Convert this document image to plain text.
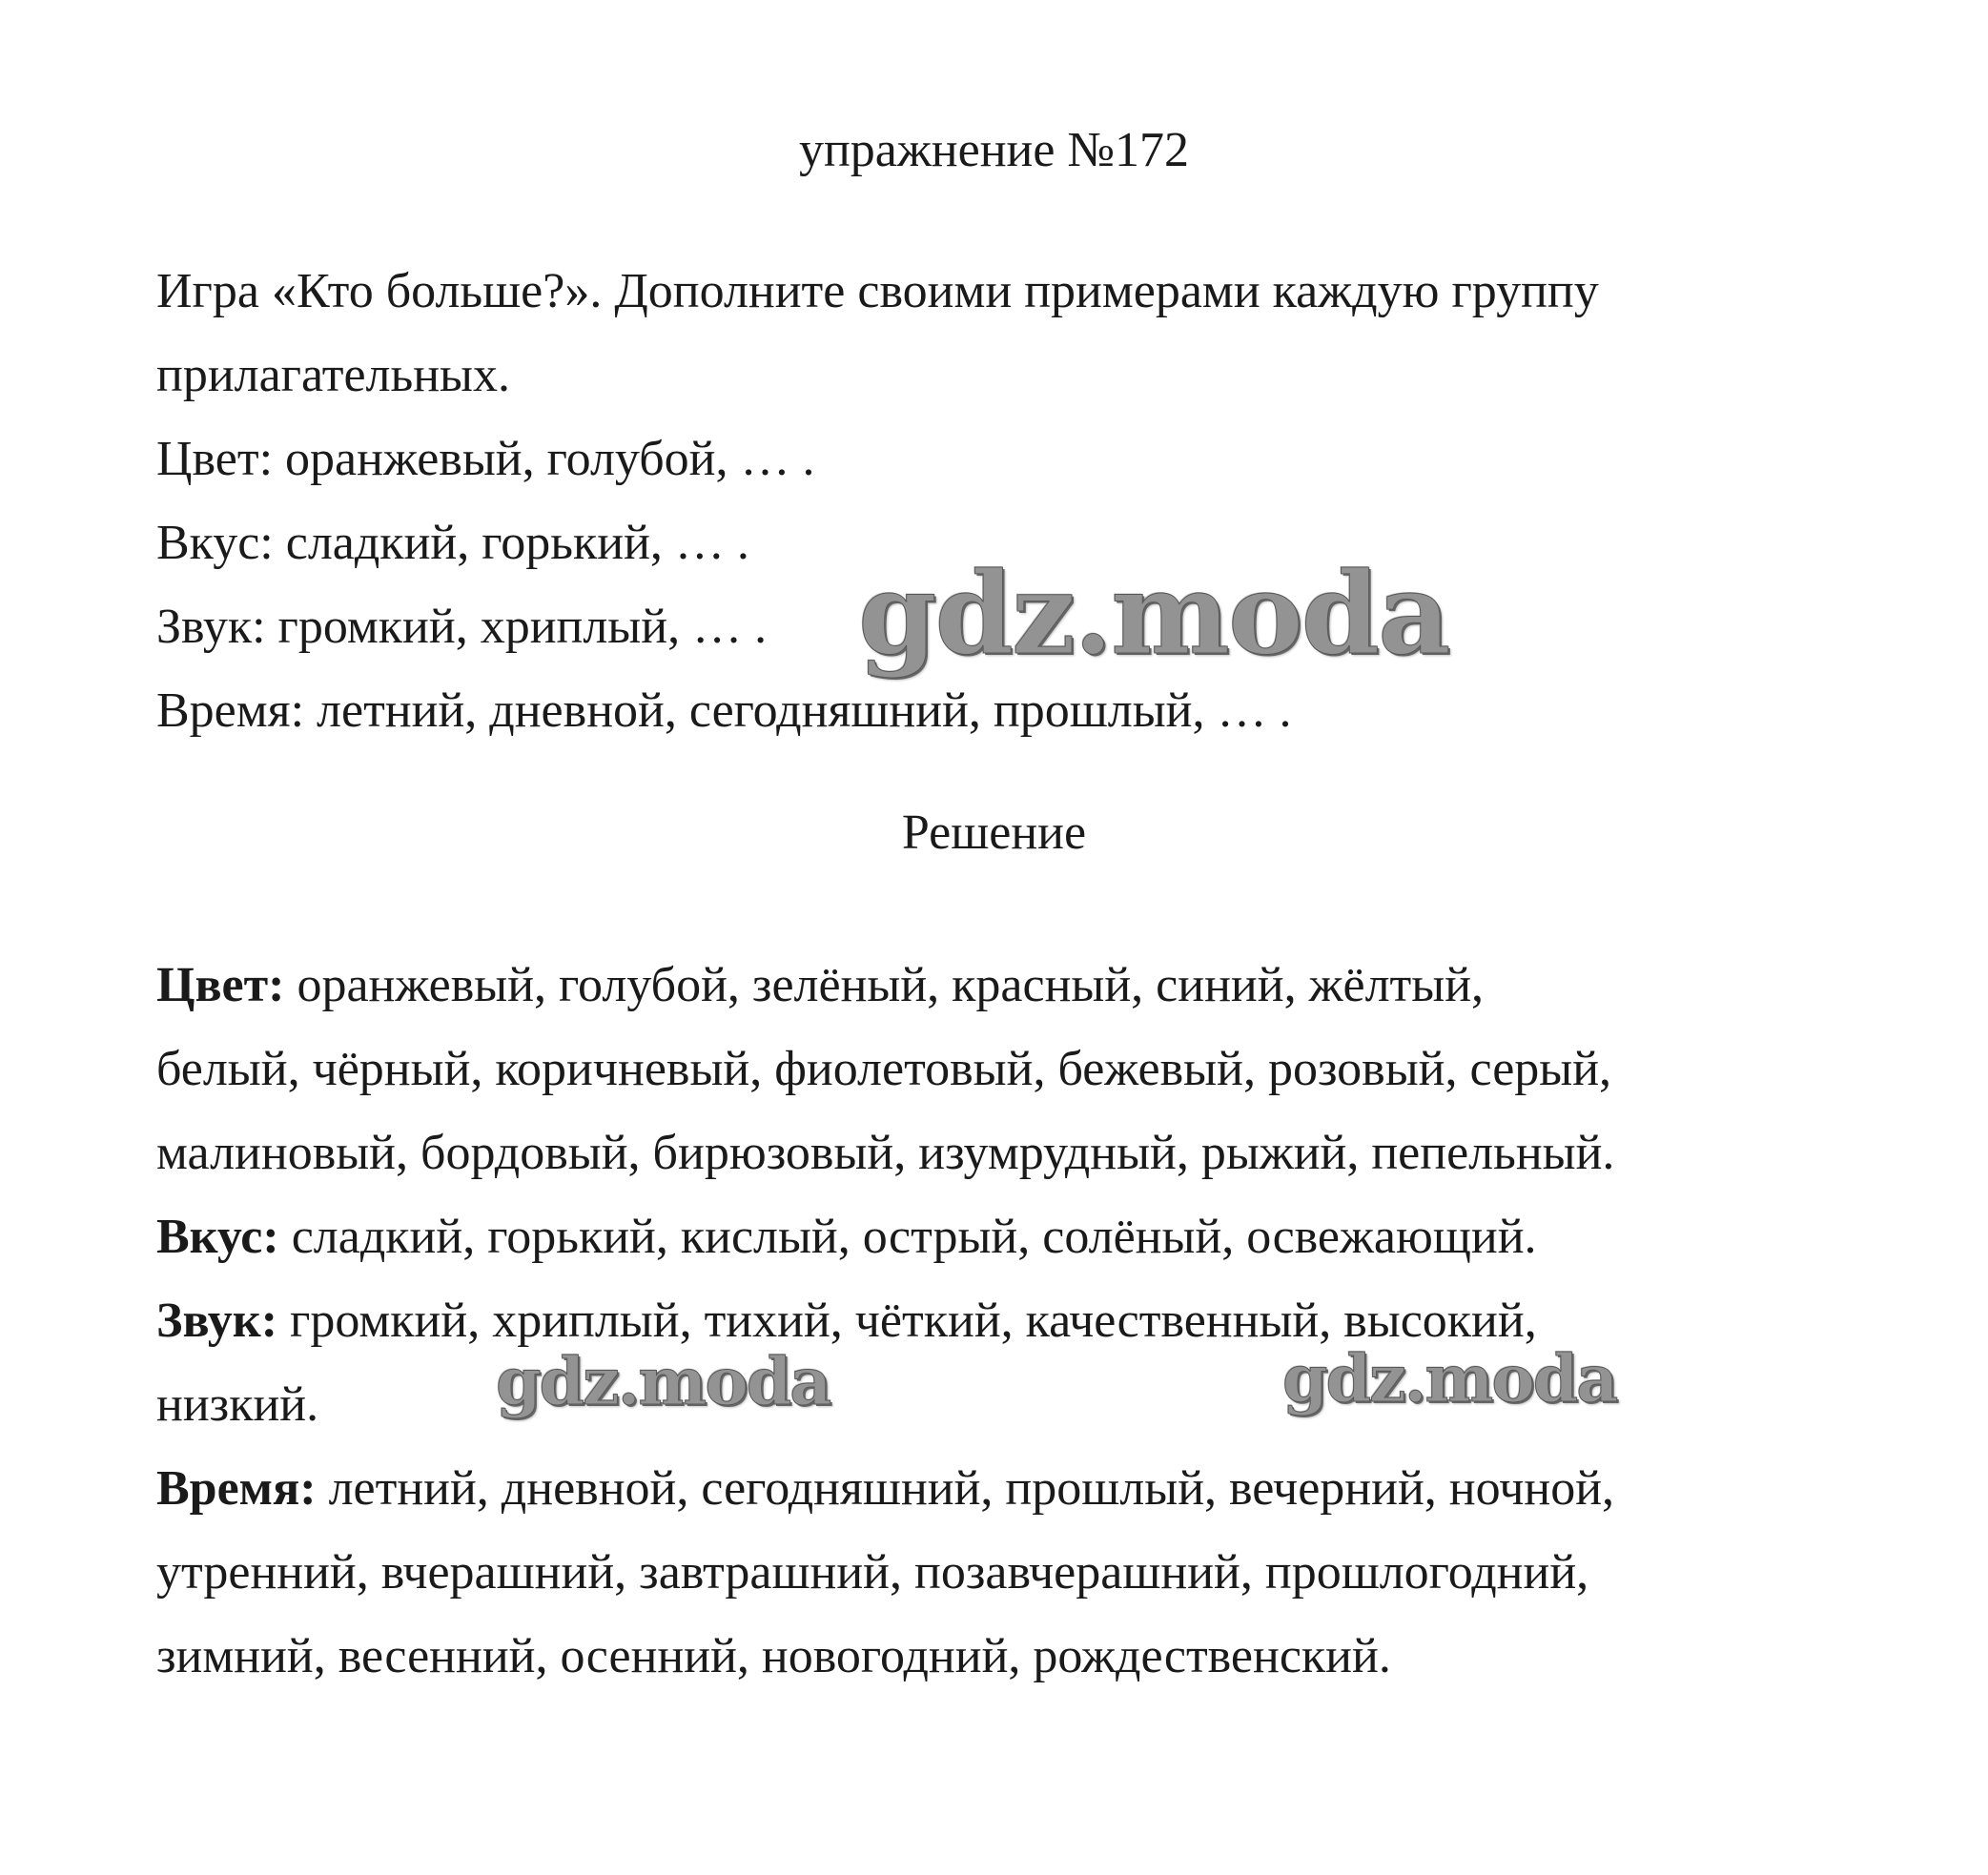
упражнение №172
Игра «Кто больше?». Дополните своими примерами каждую группу
прилагательных.
Цвет: оранжевый, голубой, … .
Вкус: сладкий, горький, … .
Звук: громкий, хриплый, … .
Время: летний, дневной, сегодняшний, прошлый, … .
Решение
Цвет: оранжевый, голубой, зелёный, красный, синий, жёлтый,
белый, чёрный, коричневый, фиолетовый, бежевый, розовый, серый,
малиновый, бордовый, бирюзовый, изумрудный, рыжий, пепельный.
Вкус: сладкий, горький, кислый, острый, солёный, освежающий.
Звук: громкий, хриплый, тихий, чёткий, качественный, высокий,
низкий.
Время: летний, дневной, сегодняшний, прошлый, вечерний, ночной,
утренний, вчерашний, завтрашний, позавчерашний, прошлогодний,
зимний, весенний, осенний, новогодний, рождественский.
gdz.moda
gdz.moda	gdz.moda
